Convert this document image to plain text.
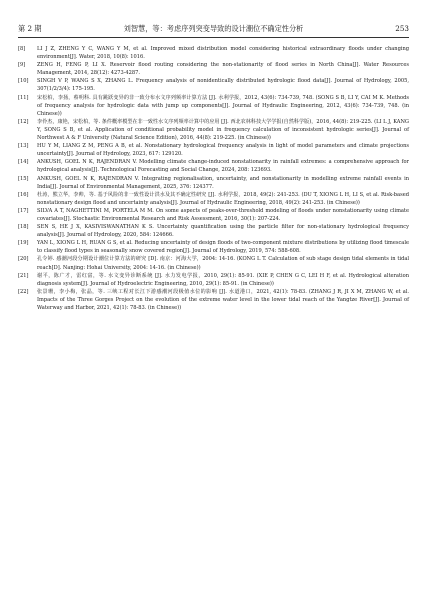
第 2 期	刘智慧，等：考虑序列突变导致的设计潮位不确定性分析	253
[8]	LI J Z, ZHENG Y C, WANG Y M, et al. Improved mixed distribution model considering historical extraordinary floods under changing environment[J]. Water, 2018, 10(8): 1016.
[9]	ZENG H, FENG P, LI X. Reservoir flood routing considering the non-stationarity of flood series in North China[J]. Water Resources Management, 2014, 28(12): 4273-4287.
[10]	SINGH V P, WANG S X, ZHANG L. Frequency analysis of nonidentically distributed hydrologic flood data[J]. Journal of Hydrology, 2005, 307(1/2/3/4): 175-195.
[11]	宋松柏，李扬，蔡明科. 具有跳跃变异的非一致分布水文序列频率计算方法 [J]. 水利学报，2012, 43(6): 734-739, 748. (SONG S B, LI Y, CAI M K. Methods of frequency analysis for hydrologic data with jump up components[J]. Journal of Hydraulic Engineering, 2012, 43(6): 734-739, 748. (in Chinese))
[12]	李伶杰，康艳，宋松柏，等. 条件概率模型在非一致性水文序列频率计算中的应用 [J]. 西北农林科技大学学报(自然科学版)，2016, 44(8): 219-225. (LI L J, KANG Y, SONG S B, et al. Application of conditional probability model in frequency calculation of inconsistent hydrologic series[J]. Journal of Northwest A & F University (Natural Science Edition), 2016, 44(8): 219-225. (in Chinese))
[13]	HU Y M, LIANG Z M, PENG A B, et al. Nonstationary hydrological frequency analysis in light of model parameters and climate projections uncertainty[J]. Journal of Hydrology, 2023, 617: 129120.
[14]	ANKUSH, GOEL N K, RAJENDRAN V. Modelling climate change-induced nonstationarity in rainfall extremes: a comprehensive approach for hydrological analysis[J]. Technological Forecasting and Social Change, 2024, 208: 123693.
[15]	ANKUSH, GOEL N K, RAJENDRAN V. Integrating regionalisation, uncertainty, and nonstationarity in modelling extreme rainfall events in India[J]. Journal of Environmental Management, 2025, 376: 124377.
[16]	杜涛，熊立华，李帅，等. 基于风险的非一致性设计洪水及其不确定性研究 [J]. 水利学报，2018, 49(2): 241-253. (DU T, XIONG L H, LI S, et al. Risk-based nonstationary design flood and uncertainty analysis[J]. Journal of Hydraulic Engineering, 2018, 49(2): 241-253. (in Chinese))
[17]	SILVA A T, NAGHETTINI M, PORTELA M M. On some aspects of peaks-over-threshold modeling of floods under nonstationarity using climate covariates[J]. Stochastic Environmental Research and Risk Assessment, 2016, 30(1): 207-224.
[18]	SEN S, HE J X, KASIVISWANATHAN K S. Uncertainty quantification using the particle filter for non-stationary hydrological frequency analysis[J]. Journal of Hydrology, 2020, 584: 124666.
[19]	YAN L, XIONG L H, RUAN G S, et al. Reducing uncertainty of design floods of two-component mixture distributions by utilizing flood timescale to classify flood types in seasonally snow covered region[J]. Journal of Hydrology, 2019, 574: 588-608.
[20]	孔令婷. 感潮河段分期设计潮位计算方法的研究 [D]. 南京：河海大学，2004: 14-16. (KONG L T. Calculation of sub stage design tidal elements in tidal reach[D]. Nanjing: Hohai University, 2004: 14-16. (in Chinese))
[21]	谢平，陈广才，雷红富，等. 水文变异诊断系统 [J]. 水力发电学报，2010, 29(1): 85-91. (XIE P, CHEN G C, LEI H F, et al. Hydrological alteration diagnosis system[J]. Journal of Hydroelectric Engineering, 2010, 29(1): 85-91. (in Chinese))
[22]	张景珊，李小梅，张晶，等. 三峡工程对长江下游感潮河段极值水位的影响 [J]. 水道港口，2021, 42(1): 78-83. (ZHANG J R, JI X M, ZHANG W, et al. Impacts of the Three Gorges Project on the evolution of the extreme water level in the lower tidal reach of the Yangtze River[J]. Journal of Waterway and Harbor, 2021, 42(1): 78-83. (in Chinese))
